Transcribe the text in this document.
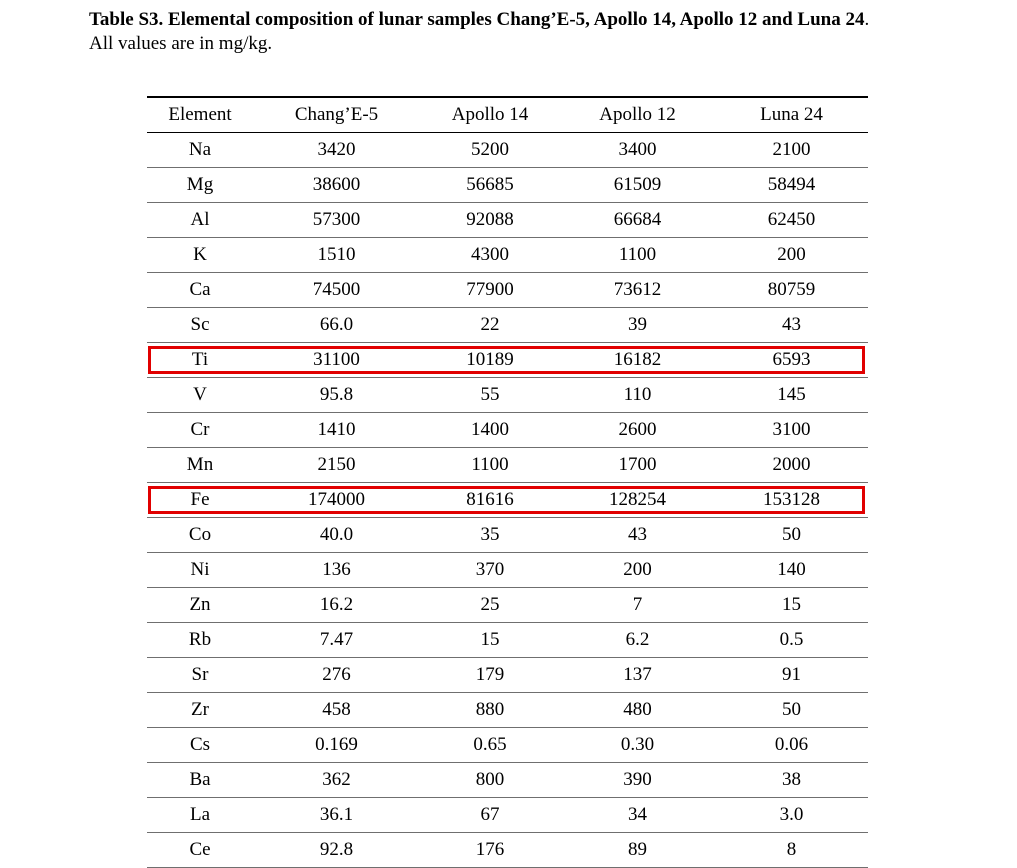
Table S3. Elemental composition of lunar samples Chang’E-5, Apollo 14, Apollo 12 and Luna 24.
All values are in mg/kg.
Element	Chang’E-5	Apollo 14	Apollo 12	Luna 24
Na	3420	5200	3400	2100
Mg	38600	56685	61509	58494
Al	57300	92088	66684	62450
K	1510	4300	1100	200
Ca	74500	77900	73612	80759
Sc	66.0	22	39	43
Ti	31100	10189	16182	6593
V	95.8	55	110	145
Cr	1410	1400	2600	3100
Mn	2150	1100	1700	2000
Fe	174000	81616	128254	153128
Co	40.0	35	43	50
Ni	136	370	200	140
Zn	16.2	25	7	15
Rb	7.47	15	6.2	0.5
Sr	276	179	137	91
Zr	458	880	480	50
Cs	0.169	0.65	0.30	0.06
Ba	362	800	390	38
La	36.1	67	34	3.0
Ce	92.8	176	89	8
